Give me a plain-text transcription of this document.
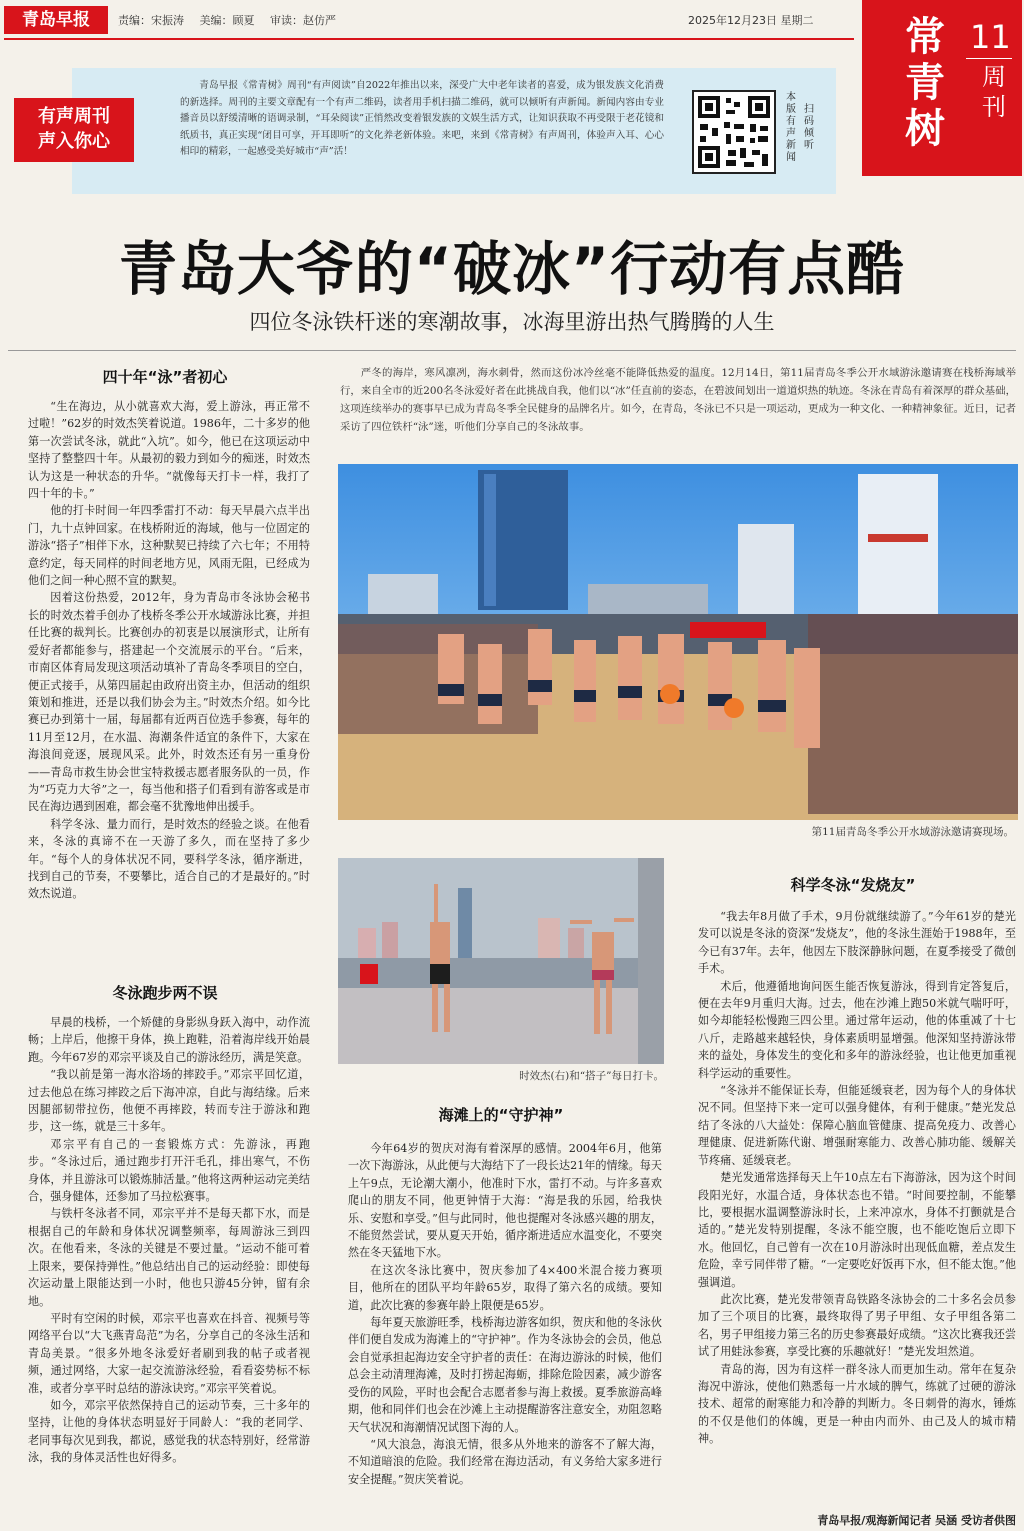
青岛早报	责编：宋振涛 美编：顾夏 审读：赵仿严	2025年12月23日 星期二	常青树
11
周刊
有声周刊
声入你心
青岛早报《常青树》周刊“有声阅读”自2022年推出以来，深受广大中老年读者的喜爱，成为银发族文化消费的新选择。周刊的主要文章配有一个有声二维码，读者用手机扫描二维码，就可以倾听有声新闻。新闻内容由专业播音员以舒缓清晰的语调录制，“耳朵阅读”正悄然改变着银发族的文娱生活方式，让知识获取不再受限于老花镜和纸质书，真正实现“闭目可享，开耳即听”的文化养老新体验。来吧，来到《常青树》有声周刊，体验声入耳、心心相印的精彩，一起感受美好城市“声”活！
本版有声新闻
扫码倾听
青岛大爷的“破冰”行动有点酷
四位冬泳铁杆迷的寒潮故事，冰海里游出热气腾腾的人生
四十年“泳”者初心

“生在海边，从小就喜欢大海，爱上游泳，再正常不过啦！”62岁的时效杰笑着说道。1986年，二十多岁的他第一次尝试冬泳，就此“入坑”。如今，他已在这项运动中坚持了整整四十年。从最初的毅力到如今的痴迷，时效杰认为这是一种状态的升华。“就像每天打卡一样，我打了四十年的卡。”

他的打卡时间一年四季雷打不动：每天早晨六点半出门，九十点钟回家。在栈桥附近的海域，他与一位固定的游泳“搭子”相伴下水，这种默契已持续了六七年；不用特意约定，每天同样的时间老地方见，风雨无阻，已经成为他们之间一种心照不宣的默契。

因着这份热爱，2012年，身为青岛市冬泳协会秘书长的时效杰着手创办了栈桥冬季公开水域游泳比赛，并担任比赛的裁判长。比赛创办的初衷是以展演形式，让所有爱好者都能参与，搭建起一个交流展示的平台。“后来，市南区体育局发现这项活动填补了青岛冬季项目的空白，便正式接手，从第四届起由政府出资主办，但活动的组织策划和推进，还是以我们协会为主。”时效杰介绍。如今比赛已办到第十一届，每届都有近两百位选手参赛，每年的11月至12月，在水温、海潮条件适宜的条件下，大家在海浪间竞逐，展现风采。此外，时效杰还有另一重身份——青岛市救生协会世宝特救援志愿者服务队的一员，作为“巧克力大爷”之一，每当他和搭子们看到有游客或是市民在海边遇到困难，都会毫不犹豫地伸出援手。

科学冬泳、量力而行，是时效杰的经验之谈。在他看来，冬泳的真谛不在一天游了多久，而在坚持了多少年。“每个人的身体状况不同，要科学冬泳，循序渐进，找到自己的节奏，不要攀比，适合自己的才是最好的。”时效杰说道。

冬泳跑步两不误

早晨的栈桥，一个矫健的身影纵身跃入海中，动作流畅；上岸后，他擦干身体，换上跑鞋，沿着海岸线开始晨跑。今年67岁的邓宗平谈及自己的游泳经历，满是笑意。

“我以前是第一海水浴场的摔跤手。”邓宗平回忆道，过去他总在练习摔跤之后下海冲凉，自此与海结缘。后来因腿部韧带拉伤，他便不再摔跤，转而专注于游泳和跑步，这一练，就是三十多年。

邓宗平有自己的一套锻炼方式：先游泳，再跑步。“冬泳过后，通过跑步打开汗毛孔，排出寒气，不伤身体，并且游泳可以锻炼肺活量。”他将这两种运动完美结合，强身健体，还参加了马拉松赛事。

与铁杆冬泳者不同，邓宗平并不是每天都下水，而是根据自己的年龄和身体状况调整频率，每周游泳三到四次。在他看来，冬泳的关键是不要过量。“运动不能可着上限来，要保持弹性。”他总结出自己的运动经验：即使每次运动量上限能达到一小时，他也只游45分钟，留有余地。

平时有空闲的时候，邓宗平也喜欢在抖音、视频号等网络平台以“大飞燕青岛范”为名，分享自己的冬泳生活和青岛美景。“很多外地冬泳爱好者刷到我的帖子或者视频，通过网络，大家一起交流游泳经验，看看姿势标不标准，或者分享平时总结的游泳诀窍。”邓宗平笑着说。

如今，邓宗平依然保持自己的运动节奏，三十多年的坚持，让他的身体状态明显好于同龄人：“我的老同学、老同事每次见到我，都说，感觉我的状态特别好，经常游泳，我的身体灵活性也好得多。

严冬的海岸，寒风凛冽，海水刺骨，然而这份冰冷丝毫不能降低热爱的温度。12月14日，第11届青岛冬季公开水域游泳邀请赛在栈桥海域举行，来自全市的近200名冬泳爱好者在此挑战自我，他们以“冰”任直前的姿态，在碧波间划出一道道炽热的轨迹。冬泳在青岛有着深厚的群众基础，这项连续举办的赛事早已成为青岛冬季全民健身的品牌名片。如今，在青岛，冬泳已不只是一项运动，更成为一种文化、一种精神象征。近日，记者采访了四位铁杆“泳”迷，听他们分享自己的冬泳故事。

第11届青岛冬季公开水域游泳邀请赛现场。
时效杰(右)和“搭子”每日打卡。
海滩上的“守护神”

今年64岁的贺庆对海有着深厚的感情。2004年6月，他第一次下海游泳，从此便与大海结下了一段长达21年的情缘。每天上午9点，无论潮大潮小，他准时下水，雷打不动。与许多喜欢爬山的朋友不同，他更钟情于大海：“海是我的乐园，给我快乐、安慰和享受。”但与此同时，他也提醒对冬泳感兴趣的朋友，不能贸然尝试，要从夏天开始，循序渐进适应水温变化，不要突然在冬天猛地下水。

在这次冬泳比赛中，贺庆参加了4×400米混合接力赛项目，他所在的团队平均年龄65岁，取得了第六名的成绩。要知道，此次比赛的参赛年龄上限便是65岁。

每年夏天旅游旺季，栈桥海边游客如织，贺庆和他的冬泳伙伴们便自发成为海滩上的“守护神”。作为冬泳协会的会员，他总会自觉承担起海边安全守护者的责任：在海边游泳的时候，他们总会主动清理海滩，及时打捞起海蛎，排除危险因素，减少游客受伤的风险，平时也会配合志愿者参与海上救援。夏季旅游高峰期，他和同伴们也会在沙滩上主动提醒游客注意安全，劝阻忽略天气状况和海潮情况试图下海的人。

“风大浪急，海浪无情，很多从外地来的游客不了解大海，不知道暗浪的危险。我们经常在海边活动，有义务给大家多进行安全提醒。”贺庆笑着说。

科学冬泳“发烧友”

“我去年8月做了手术，9月份就继续游了。”今年61岁的楚光发可以说是冬泳的资深“发烧友”，他的冬泳生涯始于1988年，至今已有37年。去年，他因左下肢深静脉问题，在夏季接受了微创手术。

术后，他遵循地询问医生能否恢复游泳，得到肯定答复后，便在去年9月重归大海。过去，他在沙滩上跑50米就气喘吁吁，如今却能轻松慢跑三四公里。通过常年运动，他的体重减了十七八斤，走路越来越轻快，身体素质明显增强。他深知坚持游泳带来的益处，身体发生的变化和多年的游泳经验，也让他更加重视科学运动的重要性。

“冬泳并不能保证长寿，但能延缓衰老，因为每个人的身体状况不同。但坚持下来一定可以强身健体，有利于健康。”楚光发总结了冬泳的八大益处：保障心脑血管健康、提高免疫力、改善心理健康、促进新陈代谢、增强耐寒能力、改善心肺功能、缓解关节疼痛、延缓衰老。

楚光发通常选择每天上午10点左右下海游泳，因为这个时间段阳光好，水温合适，身体状态也不错。“时间要控制，不能攀比，要根据水温调整游泳时长，上来冲凉水，身体不打颤就是合适的。”楚光发特别提醒，冬泳不能空腹，也不能吃饱后立即下水。他回忆，自己曾有一次在10月游泳时出现低血糖，差点发生危险，幸亏同伴带了糖。“一定要吃好饭再下水，但不能太饱。”他强调道。

此次比赛，楚光发带领青岛铁路冬泳协会的二十多名会员参加了三个项目的比赛，最终取得了男子甲组、女子甲组各第二名，男子甲组接力第三名的历史参赛最好成绩。“这次比赛我还尝试了用蛙泳参赛，享受比赛的乐趣就好！”楚光发坦然道。

青岛的海，因为有这样一群冬泳人而更加生动。常年在复杂海况中游泳，使他们熟悉每一片水域的脾气，练就了过硬的游泳技术、超常的耐寒能力和冷静的判断力。冬日刺骨的海水，锤炼的不仅是他们的体魄，更是一种由内而外、由己及人的城市精神。

青岛早报/观海新闻记者 吴涵 受访者供图
